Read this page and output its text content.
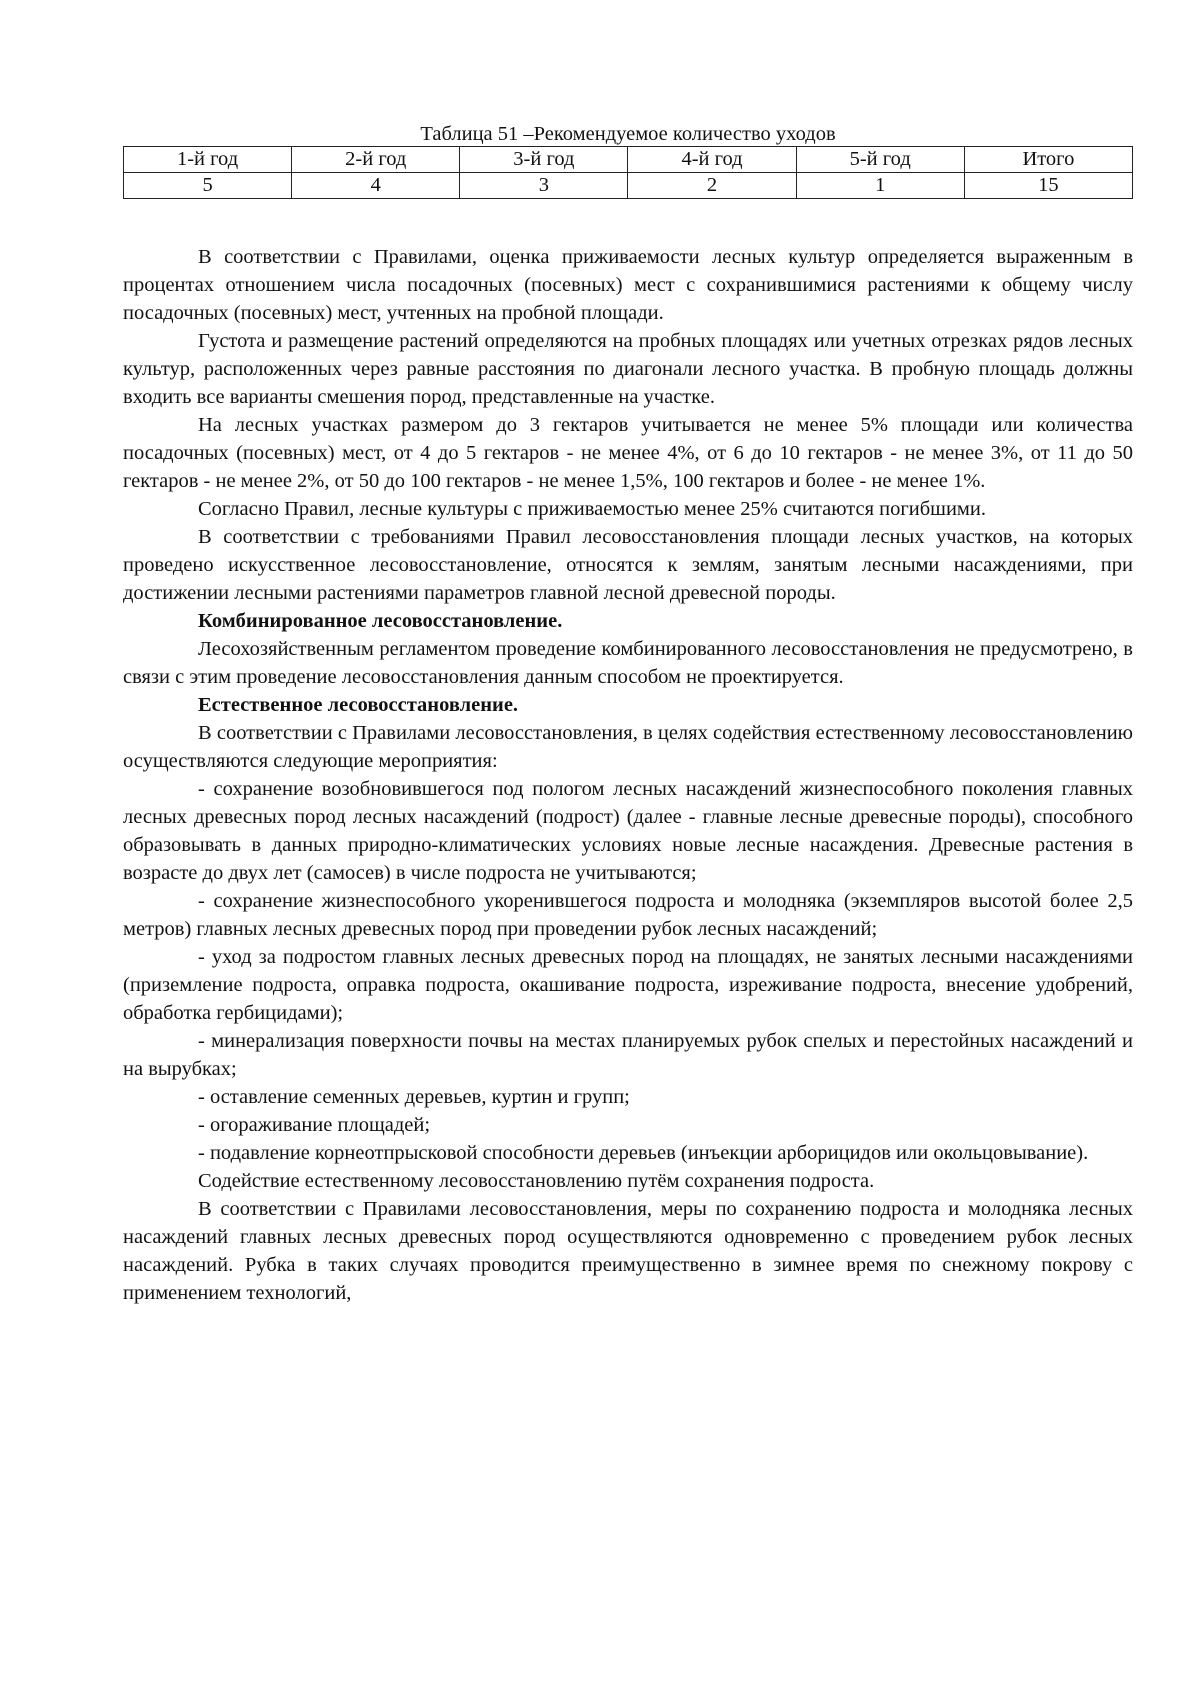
Таблица 51 –Рекомендуемое количество уходов
1-й год	2-й год	3-й год	4-й год	5-й год	Итого
5	4	3	2	1	15

В соответствии с Правилами, оценка приживаемости лесных культур определяется выраженным в процентах отношением числа посадочных (посевных) мест с сохранившимися растениями к общему числу посадочных (посевных) мест, учтенных на пробной площади.

Густота и размещение растений определяются на пробных площадях или учетных отрезках рядов лесных культур, расположенных через равные расстояния по диагонали лесного участка. В пробную площадь должны входить все варианты смешения пород, представленные на участке.

На лесных участках размером до 3 гектаров учитывается не менее 5% площади или количества посадочных (посевных) мест, от 4 до 5 гектаров - не менее 4%, от 6 до 10 гектаров - не менее 3%, от 11 до 50 гектаров - не менее 2%, от 50 до 100 гектаров - не менее 1,5%, 100 гектаров и более - не менее 1%.

Согласно Правил, лесные культуры с приживаемостью менее 25% считаются погибшими.

В соответствии с требованиями Правил лесовосстановления площади лесных участков, на которых проведено искусственное лесовосстановление, относятся к землям, занятым лесными насаждениями, при достижении лесными растениями параметров главной лесной древесной породы.

Комбинированное лесовосстановление.

Лесохозяйственным регламентом проведение комбинированного лесовосстановления не предусмотрено, в связи с этим проведение лесовосстановления данным способом не проектируется.

Естественное лесовосстановление.

В соответствии с Правилами лесовосстановления, в целях содействия естественному лесовосстановлению осуществляются следующие мероприятия:

- сохранение возобновившегося под пологом лесных насаждений жизнеспособного поколения главных лесных древесных пород лесных насаждений (подрост) (далее - главные лесные древесные породы), способного образовывать в данных природно-климатических условиях новые лесные насаждения. Древесные растения в возрасте до двух лет (самосев) в числе подроста не учитываются;

- сохранение жизнеспособного укоренившегося подроста и молодняка (экземпляров высотой более 2,5 метров) главных лесных древесных пород при проведении рубок лесных насаждений;

- уход за подростом главных лесных древесных пород на площадях, не занятых лесными насаждениями (приземление подроста, оправка подроста, окашивание подроста, изреживание подроста, внесение удобрений, обработка гербицидами);

- минерализация поверхности почвы на местах планируемых рубок спелых и перестойных насаждений и на вырубках;

- оставление семенных деревьев, куртин и групп;

- огораживание площадей;

- подавление корнеотпрысковой способности деревьев (инъекции арборицидов или окольцовывание).

Содействие естественному лесовосстановлению путём сохранения подроста.

В соответствии с Правилами лесовосстановления, меры по сохранению подроста и молодняка лесных насаждений главных лесных древесных пород осуществляются одновременно с проведением рубок лесных насаждений. Рубка в таких случаях проводится преимущественно в зимнее время по снежному покрову с применением технологий,
